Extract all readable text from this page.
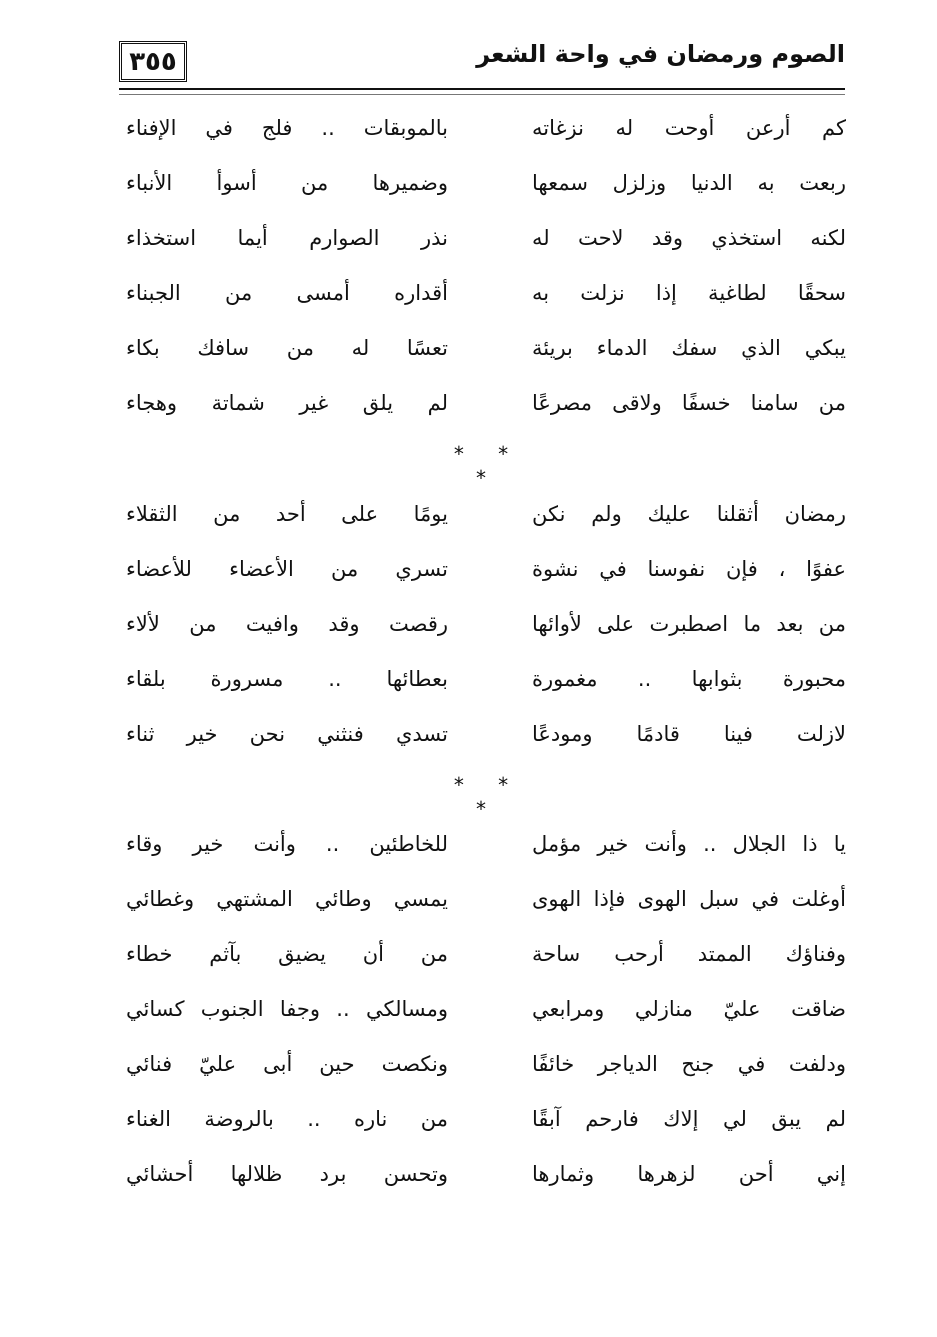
الصوم ورمضان في واحة الشعر
٣٥٥
كم أرعن أوحت له نزغاته
بالموبقات .. فلج في الإفناء
ربعت به الدنيا وزلزل سمعها
وضميرها من أسوأ الأنباء
لكنه استخذي وقد لاحت له
نذر الصوارم أيما استخذاء
سحقًا لطاغية إذا نزلت به
أقداره أمسى من الجبناء
يبكي الذي سفك الدماء بريئة
تعسًا له من سافك بكاء
من سامنا خسفًا ولاقى مصرعًا
لم يلق غير شماتة وهجاء
* * *
رمضان أثقلنا عليك ولم نكن
يومًا على أحد من الثقلاء
عفوًا ، فإن نفوسنا في نشوة
تسري من الأعضاء للأعضاء
من بعد ما اصطبرت على لأوائها
رقصت وقد وافيت من لألاء
محبورة بثوابها .. مغمورة
بعطائها .. مسرورة بلقاء
لازلت فينا قادمًا ومودعًا
تسدي فنثني نحن خير ثناء
* * *
يا ذا الجلال .. وأنت خير مؤمل
للخاطئين .. وأنت خير وقاء
أوغلت في سبل الهوى فإذا الهوى
يمسي وطائي المشتهي وغطائي
وفناؤك الممتد أرحب ساحة
من أن يضيق بآثم خطاء
ضاقت عليّ منازلي ومرابعي
ومسالكي .. وجفا الجنوب كسائي
ودلفت في جنح الدياجر خائفًا
ونكصت حين أبى عليّ فنائي
لم يبق لي إلاك فارحم آبقًا
من ناره .. بالروضة الغناء
إني أحن لزهرها وثمارها
وتحسن برد ظلالها أحشائي
